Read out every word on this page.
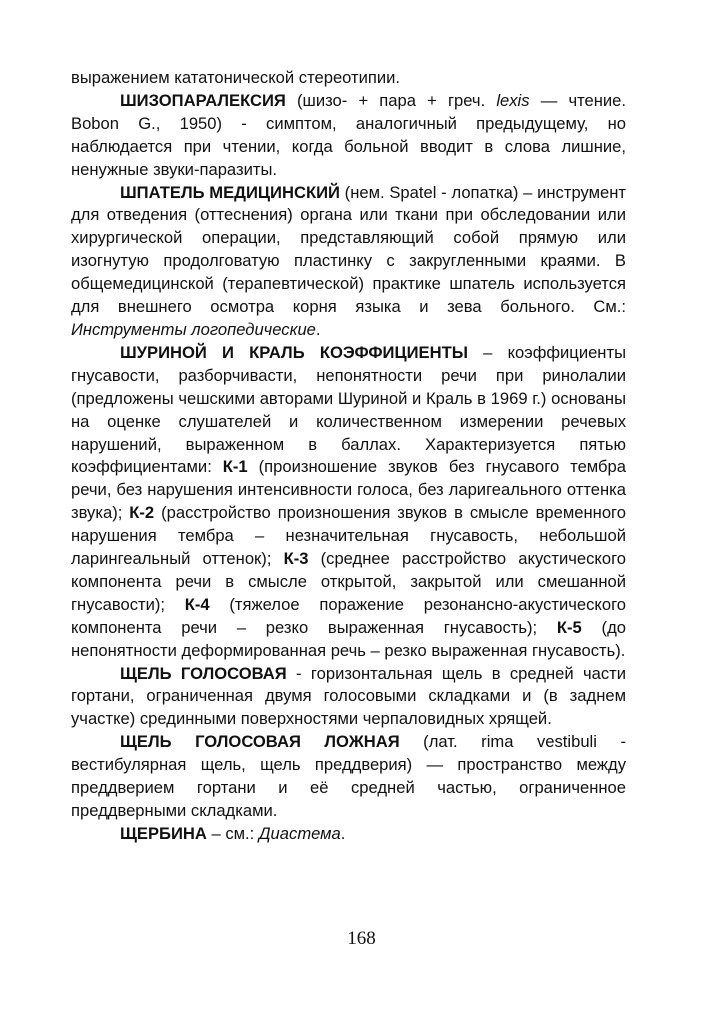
выражением кататонической стереотипии.

ШИЗОПАРАЛЕКСИЯ (шизо- + пара + греч. lexis — чтение. Bobon G., 1950) - симптом, аналогичный предыдущему, но наблюдается при чтении, когда больной вводит в слова лишние, ненужные звуки-паразиты.

ШПАТЕЛЬ МЕДИЦИНСКИЙ (нем. Spatel - лопатка) – инструмент для отведения (оттеснения) органа или ткани при обследовании или хирургической операции, представляющий собой прямую или изогнутую продолговатую пластинку с закругленными краями. В общемедицинской (терапевтической) практике шпатель используется для внешнего осмотра корня языка и зева больного. См.: Инструменты логопедические.

ШУРИНОЙ И КРАЛЬ КОЭФФИЦИЕНТЫ – коэффициенты гнусавости, разборчивасти, непонятности речи при ринолалии (предложены чешскими авторами Шуриной и Краль в 1969 г.) основаны на оценке слушателей и количественном измерении речевых нарушений, выраженном в баллах. Характеризуется пятью коэффициентами: К-1 (произношение звуков без гнусавого тембра речи, без нарушения интенсивности голоса, без ларигеального оттенка звука); К-2 (расстройство произношения звуков в смысле временного нарушения тембра – незначительная гнусавость, небольшой ларингеальный оттенок); К-3 (среднее расстройство акустического компонента речи в смысле открытой, закрытой или смешанной гнусавости); К-4 (тяжелое поражение резонансно-акустического компонента речи – резко выраженная гнусавость); К-5 (до непонятности деформированная речь – резко выраженная гнусавость).

ЩЕЛЬ ГОЛОСОВАЯ - горизонтальная щель в средней части гортани, ограниченная двумя голосовыми складками и (в заднем участке) срединными поверхностями черпаловидных хрящей.

ЩЕЛЬ ГОЛОСОВАЯ ЛОЖНАЯ (лат. rima vestibuli - вестибулярная щель, щель преддверия) — пространство между преддверием гортани и её средней частью, ограниченное преддверными складками.

ЩЕРБИНА – см.: Диастема.

168
